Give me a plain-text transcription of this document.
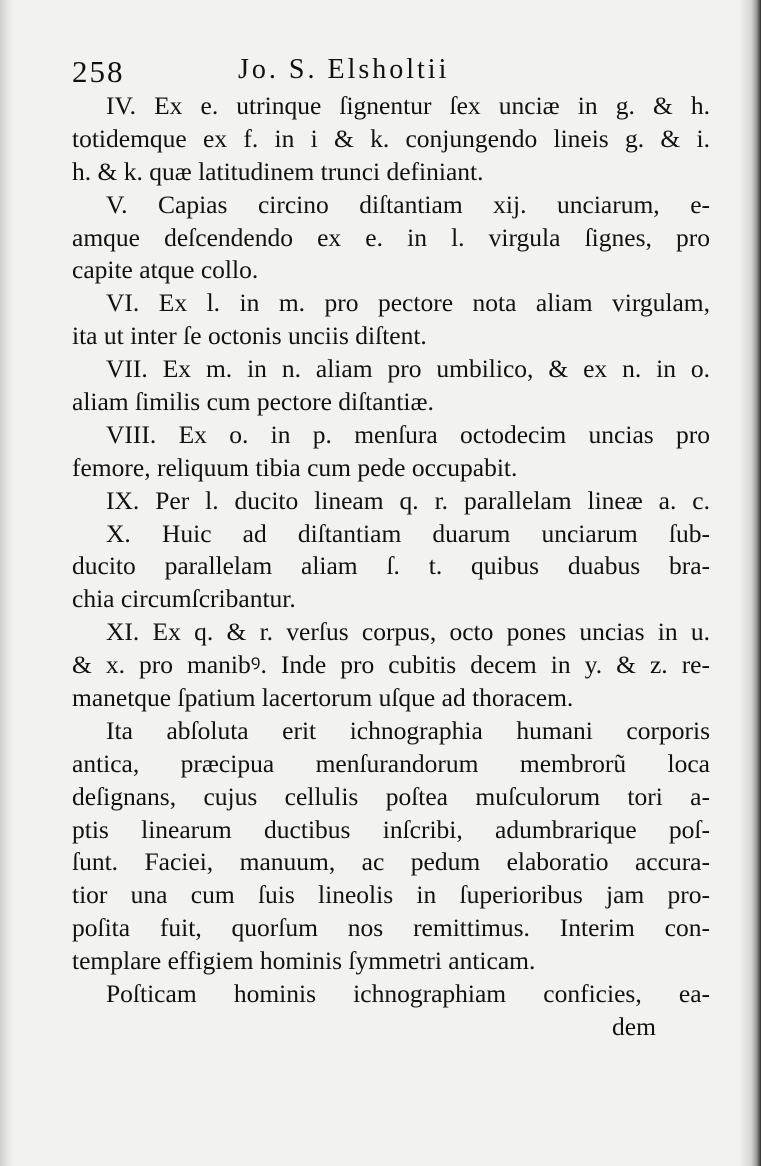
258	Jo. S. Elsholtii
IV. Ex e. utrinque ſignentur ſex unciæ in g. & h.
totidemque ex f. in i & k. conjungendo lineis g. & i.
h. & k. quæ latitudinem trunci definiant.
V. Capias circino diſtantiam xij. unciarum, e-
amque deſcendendo ex e. in l. virgula ſignes, pro
capite atque collo.
VI. Ex l. in m. pro pectore nota aliam virgulam,
ita ut inter ſe octonis unciis diſtent.
VII. Ex m. in n. aliam pro umbilico, & ex n. in o.
aliam ſimilis cum pectore diſtantiæ.
VIII. Ex o. in p. menſura octodecim uncias pro
femore, reliquum tibia cum pede occupabit.
IX. Per l. ducito lineam q. r. parallelam lineæ a. c.
X. Huic ad diſtantiam duarum unciarum ſub-
ducito parallelam aliam ſ. t. quibus duabus bra-
chia circumſcribantur.
XI. Ex q. & r. verſus corpus, octo pones uncias in u.
& x. pro manibꝰ. Inde pro cubitis decem in y. & z. re-
manetque ſpatium lacertorum uſque ad thoracem.
Ita abſoluta erit ichnographia humani corporis
antica, præcipua menſurandorum membrorũ loca
deſignans, cujus cellulis poſtea muſculorum tori a-
ptis linearum ductibus inſcribi, adumbrarique poſ-
ſunt. Faciei, manuum, ac pedum elaboratio accura-
tior una cum ſuis lineolis in ſuperioribus jam pro-
poſita fuit, quorſum nos remittimus. Interim con-
templare effigiem hominis ſymmetri anticam.
Poſticam hominis ichnographiam conficies, ea-
dem
